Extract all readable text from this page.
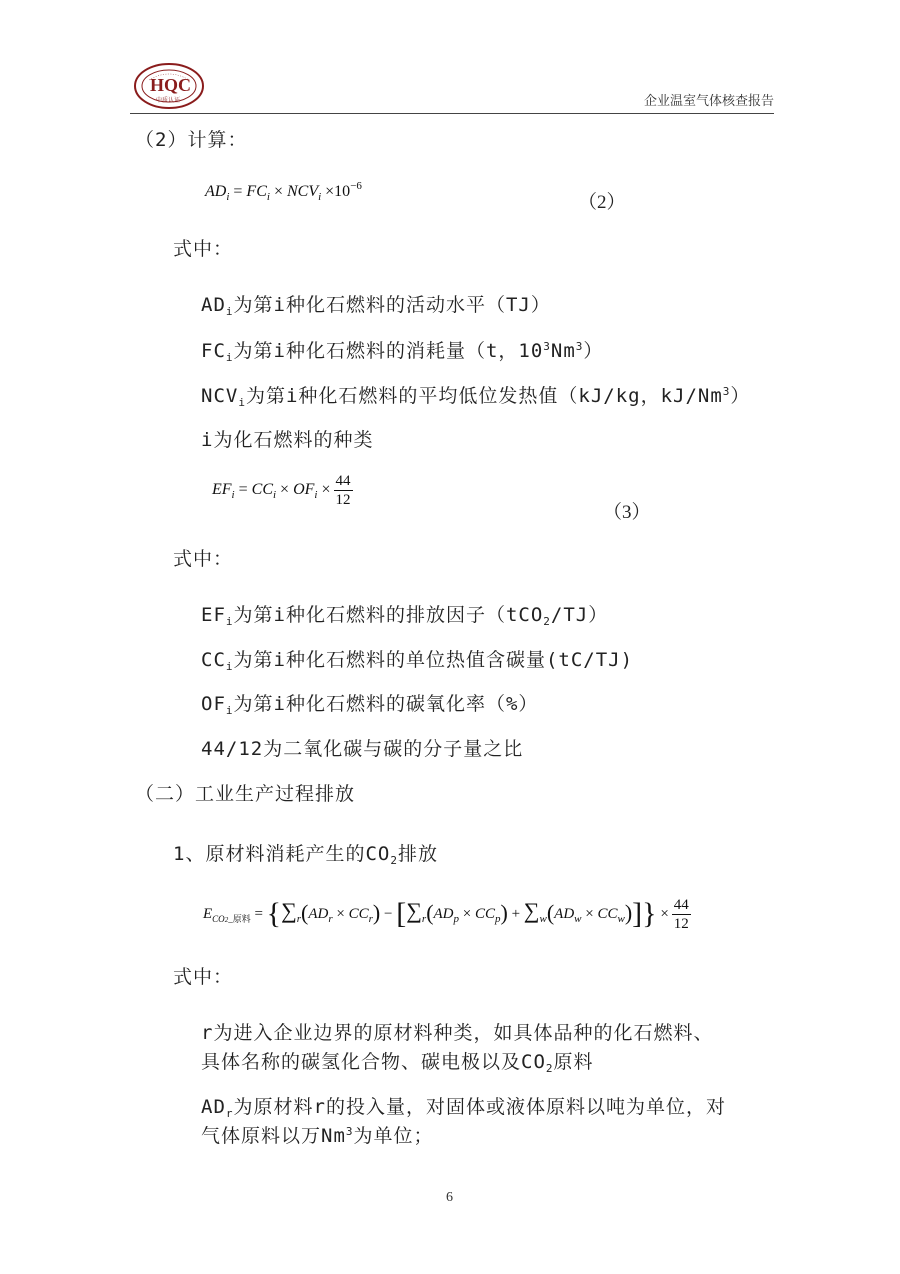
HQC
中质认证	企业温室气体核查报告
（2）计算：
$AD_i = FC_i \times NCV_i \times 10^{-6}$
（2）
式中：
$AD_i$为第i种化石燃料的活动水平（TJ）
$FC_i$为第i种化石燃料的消耗量（t，$10^3Nm^3$）
$NCV_i$为第i种化石燃料的平均低位发热值（kJ/kg，kJ/Nm$^3$）
i为化石燃料的种类
$EF_i = CC_i \times OF_i \times \frac{44}{12}$
（3）
式中：
$EF_i$为第i种化石燃料的排放因子（tCO$_2$/TJ）
$CC_i$为第i种化石燃料的单位热值含碳量(tC/TJ)
$OF_i$为第i种化石燃料的碳氧化率（%）
44/12为二氧化碳与碳的分子量之比
（二）工业生产过程排放
1、原材料消耗产生的$CO_2$排放
$E_{CO2\_原料} = \{\sum_r(AD_r \times CC_r) - [\sum_r(AD_p \times CC_p) + \sum_w(AD_w \times CC_w)]\} \times \frac{44}{12}$
式中：
r为进入企业边界的原材料种类，如具体品种的化石燃料、
具体名称的碳氢化合物、碳电极以及$CO_2$原料
$AD_r$为原材料r的投入量，对固体或液体原料以吨为单位，对
气体原料以万Nm$^3$为单位；
6
